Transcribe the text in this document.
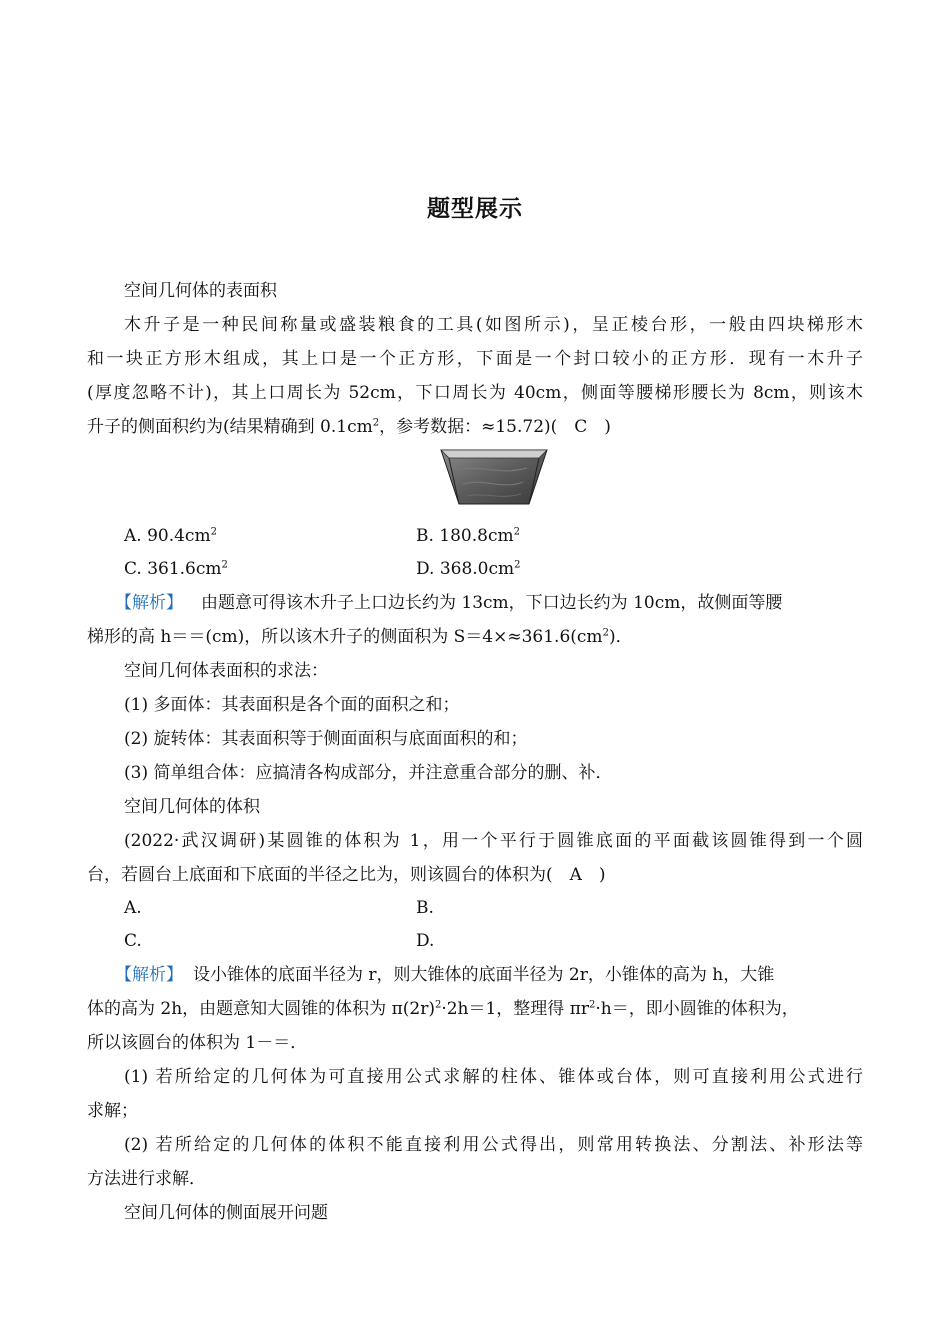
题型展示
空间几何体的表面积
木升子是一种民间称量或盛装粮食的工具(如图所示)，呈正棱台形，一般由四块梯形木
和一块正方形木组成，其上口是一个正方形，下面是一个封口较小的正方形．现有一木升子
(厚度忽略不计)，其上口周长为 52cm，下口周长为 40cm，侧面等腰梯形腰长为 8cm，则该木
升子的侧面积约为(结果精确到 $0.1cm^2$，参考数据：≈15.72)(　C　)
A. $90.4cm^2$	B. $180.8cm^2$
C. $361.6cm^2$	D. $368.0cm^2$
【解析】 由题意可得该木升子上口边长约为 13cm，下口边长约为 10cm，故侧面等腰
梯形的高 h＝＝(cm)，所以该木升子的侧面积为 $S=4\times\approx 361.6(cm^2)$．
空间几何体表面积的求法：
(1) 多面体：其表面积是各个面的面积之和；
(2) 旋转体：其表面积等于侧面面积与底面面积的和；
(3) 简单组合体：应搞清各构成部分，并注意重合部分的删、补．
空间几何体的体积
(2022·武汉调研)某圆锥的体积为 1，用一个平行于圆锥底面的平面截该圆锥得到一个圆
台，若圆台上底面和下底面的半径之比为，则该圆台的体积为(　A　)
A.	B.
C.	D.
【解析】 设小锥体的底面半径为 r，则大锥体的底面半径为 2r，小锥体的高为 h，大锥
体的高为 2h，由题意知大圆锥的体积为 $\pi(2r)^2\cdot 2h=1$，整理得 $\pi r^2\cdot h=$，即小圆锥的体积为，
所以该圆台的体积为 1－＝．
(1) 若所给定的几何体为可直接用公式求解的柱体、锥体或台体，则可直接利用公式进行
求解；
(2) 若所给定的几何体的体积不能直接利用公式得出，则常用转换法、分割法、补形法等
方法进行求解．
空间几何体的侧面展开问题
